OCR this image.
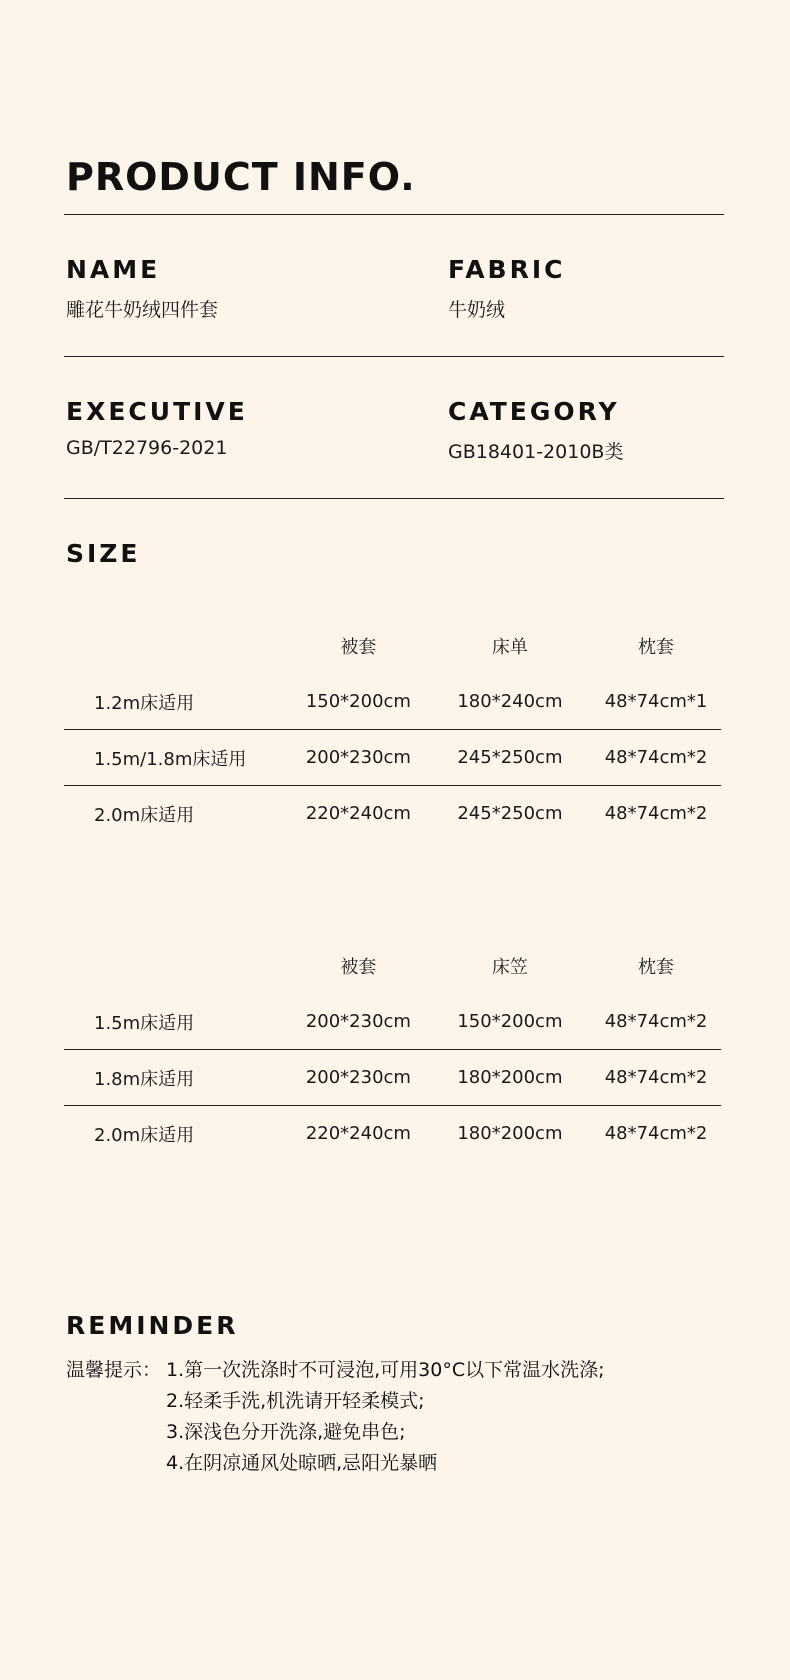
PRODUCT INFO.
NAME
雕花牛奶绒四件套
FABRIC
牛奶绒
EXECUTIVE
GB/T22796-2021
CATEGORY
GB18401-2010B类
SIZE
	被套	床单	枕套
1.2m床适用	150*200cm	180*240cm	48*74cm*1
1.5m/1.8m床适用	200*230cm	245*250cm	48*74cm*2
2.0m床适用	220*240cm	245*250cm	48*74cm*2
	被套	床笠	枕套
1.5m床适用	200*230cm	150*200cm	48*74cm*2
1.8m床适用	200*230cm	180*200cm	48*74cm*2
2.0m床适用	220*240cm	180*200cm	48*74cm*2
REMINDER
温馨提示： 1.第一次洗涤时不可浸泡,可用30°C以下常温水洗涤;
2.轻柔手洗,机洗请开轻柔模式;
3.深浅色分开洗涤,避免串色;
4.在阴凉通风处晾晒,忌阳光暴晒
